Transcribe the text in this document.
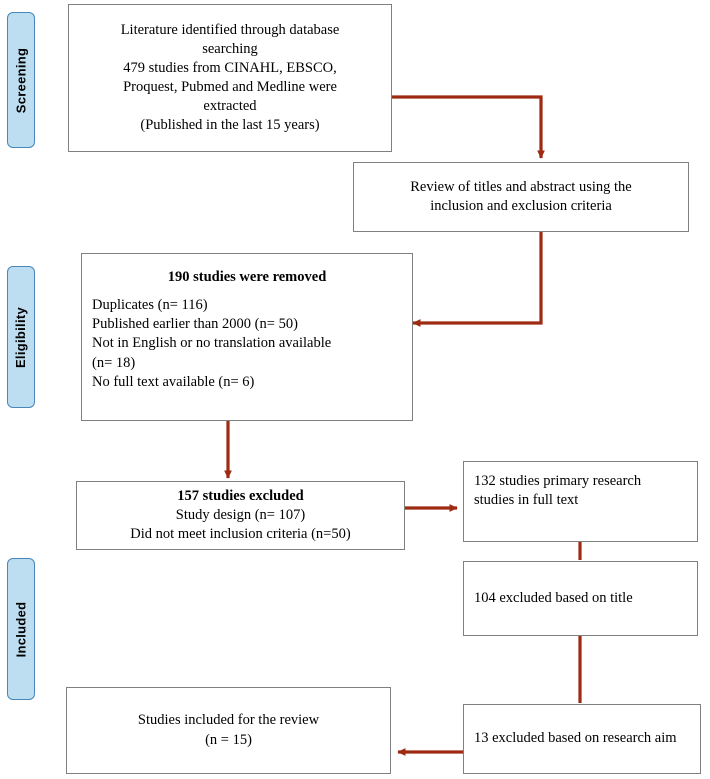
Screening
Eligibility
Included
Literature identified through database
searching
479 studies from CINAHL, EBSCO,
Proquest, Pubmed and Medline were
extracted
(Published in the last 15 years)
Review of titles and abstract using the
inclusion and exclusion criteria
190 studies were removed
Duplicates (n= 116)
Published earlier than 2000 (n= 50)
Not in English or no translation available
(n= 18)
No full text available (n= 6)
157 studies excluded
Study design (n= 107)
Did not meet inclusion criteria (n=50)
132 studies primary research
studies in full text
104 excluded based on title
13 excluded based on research aim
Studies included for the review
(n = 15)
